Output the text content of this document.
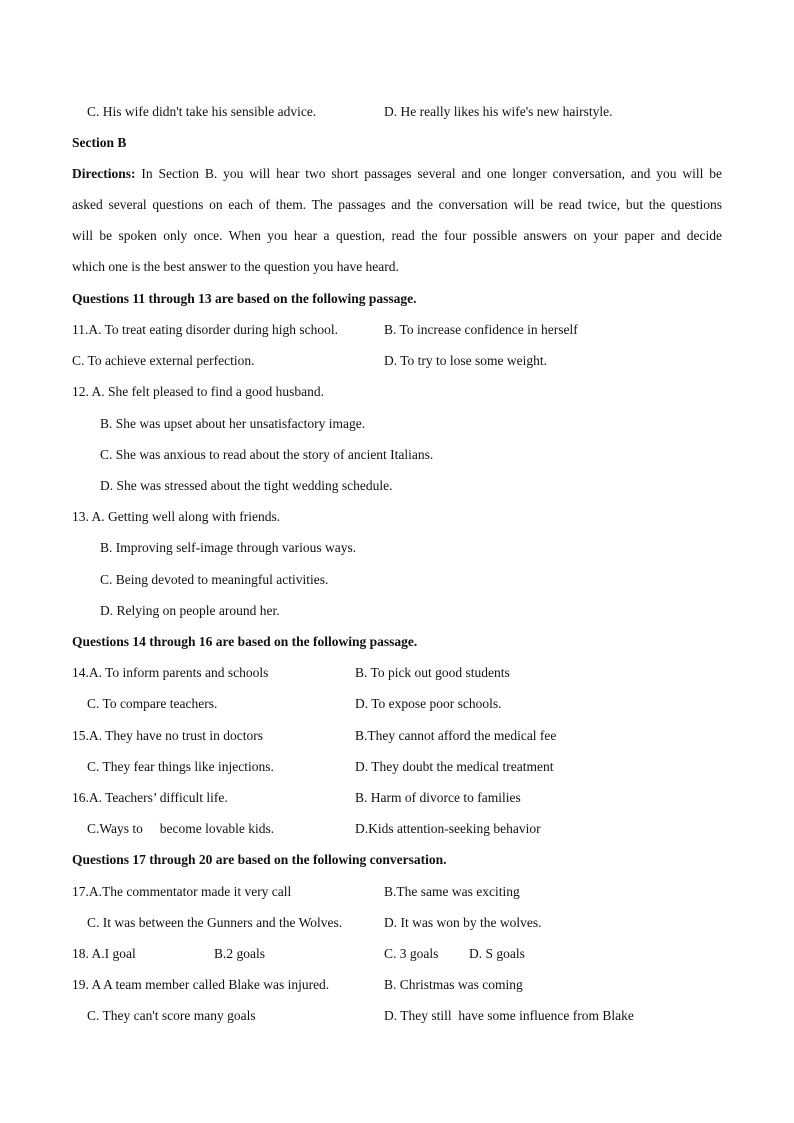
C. His wife didn't take his sensible advice.	D. He really likes his wife's new hairstyle.
Section B
Directions: In Section B. you will hear two short passages several and one longer conversation, and you will be
asked several questions on each of them. The passages and the conversation will be read twice, but the questions
will be spoken only once. When you hear a question, read the four possible answers on your paper and decide
which one is the best answer to the question you have heard.
Questions 11 through 13 are based on the following passage.
11.A. To treat eating disorder during high school.	B. To increase confidence in herself
C. To achieve external perfection.	D. To try to lose some weight.
12. A. She felt pleased to find a good husband.
B. She was upset about her unsatisfactory image.
C. She was anxious to read about the story of ancient Italians.
D. She was stressed about the tight wedding schedule.
13. A. Getting well along with friends.
B. Improving self-image through various ways.
C. Being devoted to meaningful activities.
D. Relying on people around her.
Questions 14 through 16 are based on the following passage.
14.A. To inform parents and schools	B. To pick out good students
C. To compare teachers.	D. To expose poor schools.
15.A. They have no trust in doctors	B.They cannot afford the medical fee
C. They fear things like injections.	D. They doubt the medical treatment
16.A. Teachers’ difficult life.	B. Harm of divorce to families
C.Ways to     become lovable kids.	D.Kids attention-seeking behavior
Questions 17 through 20 are based on the following conversation.
17.A.The commentator made it very call	B.The same was exciting
C. It was between the Gunners and the Wolves.	D. It was won by the wolves.
18. A.I goal	B.2 goals	C. 3 goals D. S goals
19. A A team member called Blake was injured.	B. Christmas was coming
C. They can't score many goals	D. They still  have some influence from Blake
